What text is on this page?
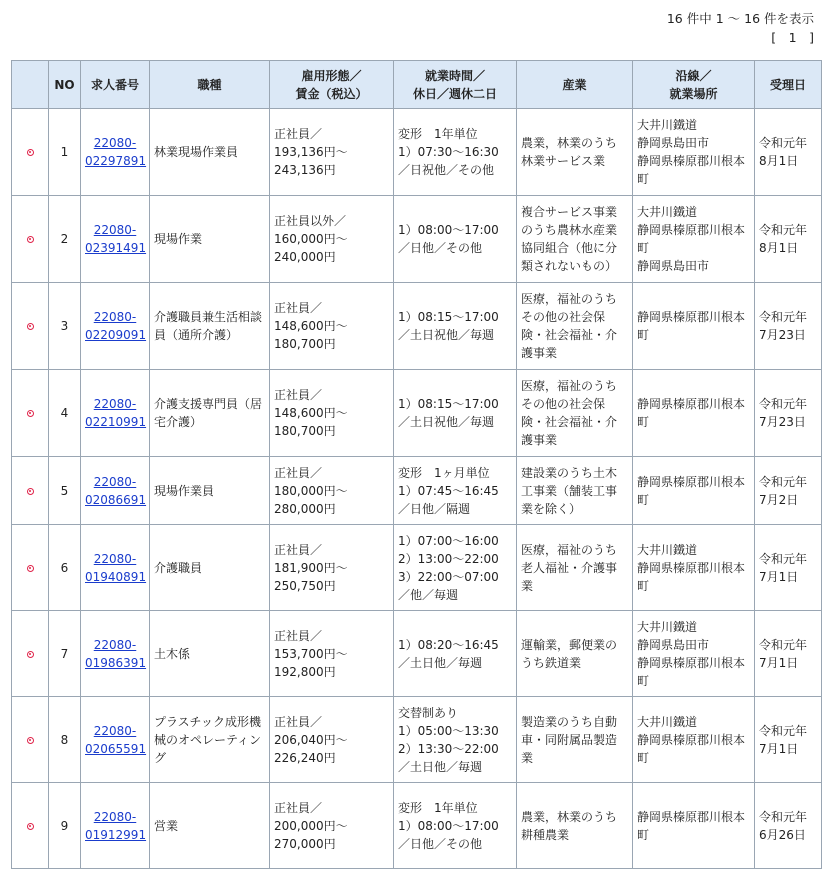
16 件中 1 ～ 16 件を表示
[　1　]
	NO	求人番号	職種	雇用形態／
賃金（税込）	就業時間／
休日／週休二日	産業	沿線／
就業場所	受理日
	1	22080-
02297891	林業現場作業員	正社員／
193,136円～
243,136円	変形　1年単位
1）07:30～16:30
／日祝他／その他	農業，林業のうち
林業サービス業	大井川鐵道
静岡県島田市
静岡県榛原郡川根本
町	令和元年
8月1日
	2	22080-
02391491	現場作業	正社員以外／
160,000円～
240,000円	1）08:00～17:00
／日他／その他	複合サービス事業
のうち農林水産業
協同組合（他に分
類されないもの）	大井川鐵道
静岡県榛原郡川根本
町
静岡県島田市	令和元年
8月1日
	3	22080-
02209091	介護職員兼生活相談
員（通所介護）	正社員／
148,600円～
180,700円	1）08:15～17:00
／土日祝他／毎週	医療，福祉のうち
その他の社会保
険・社会福祉・介
護事業	静岡県榛原郡川根本
町	令和元年
7月23日
	4	22080-
02210991	介護支援専門員（居
宅介護）	正社員／
148,600円～
180,700円	1）08:15～17:00
／土日祝他／毎週	医療，福祉のうち
その他の社会保
険・社会福祉・介
護事業	静岡県榛原郡川根本
町	令和元年
7月23日
	5	22080-
02086691	現場作業員	正社員／
180,000円～
280,000円	変形　1ヶ月単位
1）07:45～16:45
／日他／隔週	建設業のうち土木
工事業（舗装工事
業を除く）	静岡県榛原郡川根本
町	令和元年
7月2日
	6	22080-
01940891	介護職員	正社員／
181,900円～
250,750円	1）07:00～16:00
2）13:00～22:00
3）22:00～07:00
／他／毎週	医療，福祉のうち
老人福祉・介護事
業	大井川鐵道
静岡県榛原郡川根本
町	令和元年
7月1日
	7	22080-
01986391	土木係	正社員／
153,700円～
192,800円	1）08:20～16:45
／土日他／毎週	運輸業，郵便業の
うち鉄道業	大井川鐵道
静岡県島田市
静岡県榛原郡川根本
町	令和元年
7月1日
	8	22080-
02065591	プラスチック成形機
械のオペレーティン
グ	正社員／
206,040円～
226,240円	交替制あり
1）05:00～13:30
2）13:30～22:00
／土日他／毎週	製造業のうち自動
車・同附属品製造
業	大井川鐵道
静岡県榛原郡川根本
町	令和元年
7月1日
	9	22080-
01912991	営業	正社員／
200,000円～
270,000円	変形　1年単位
1）08:00～17:00
／日他／その他	農業，林業のうち
耕種農業	静岡県榛原郡川根本
町	令和元年
6月26日
